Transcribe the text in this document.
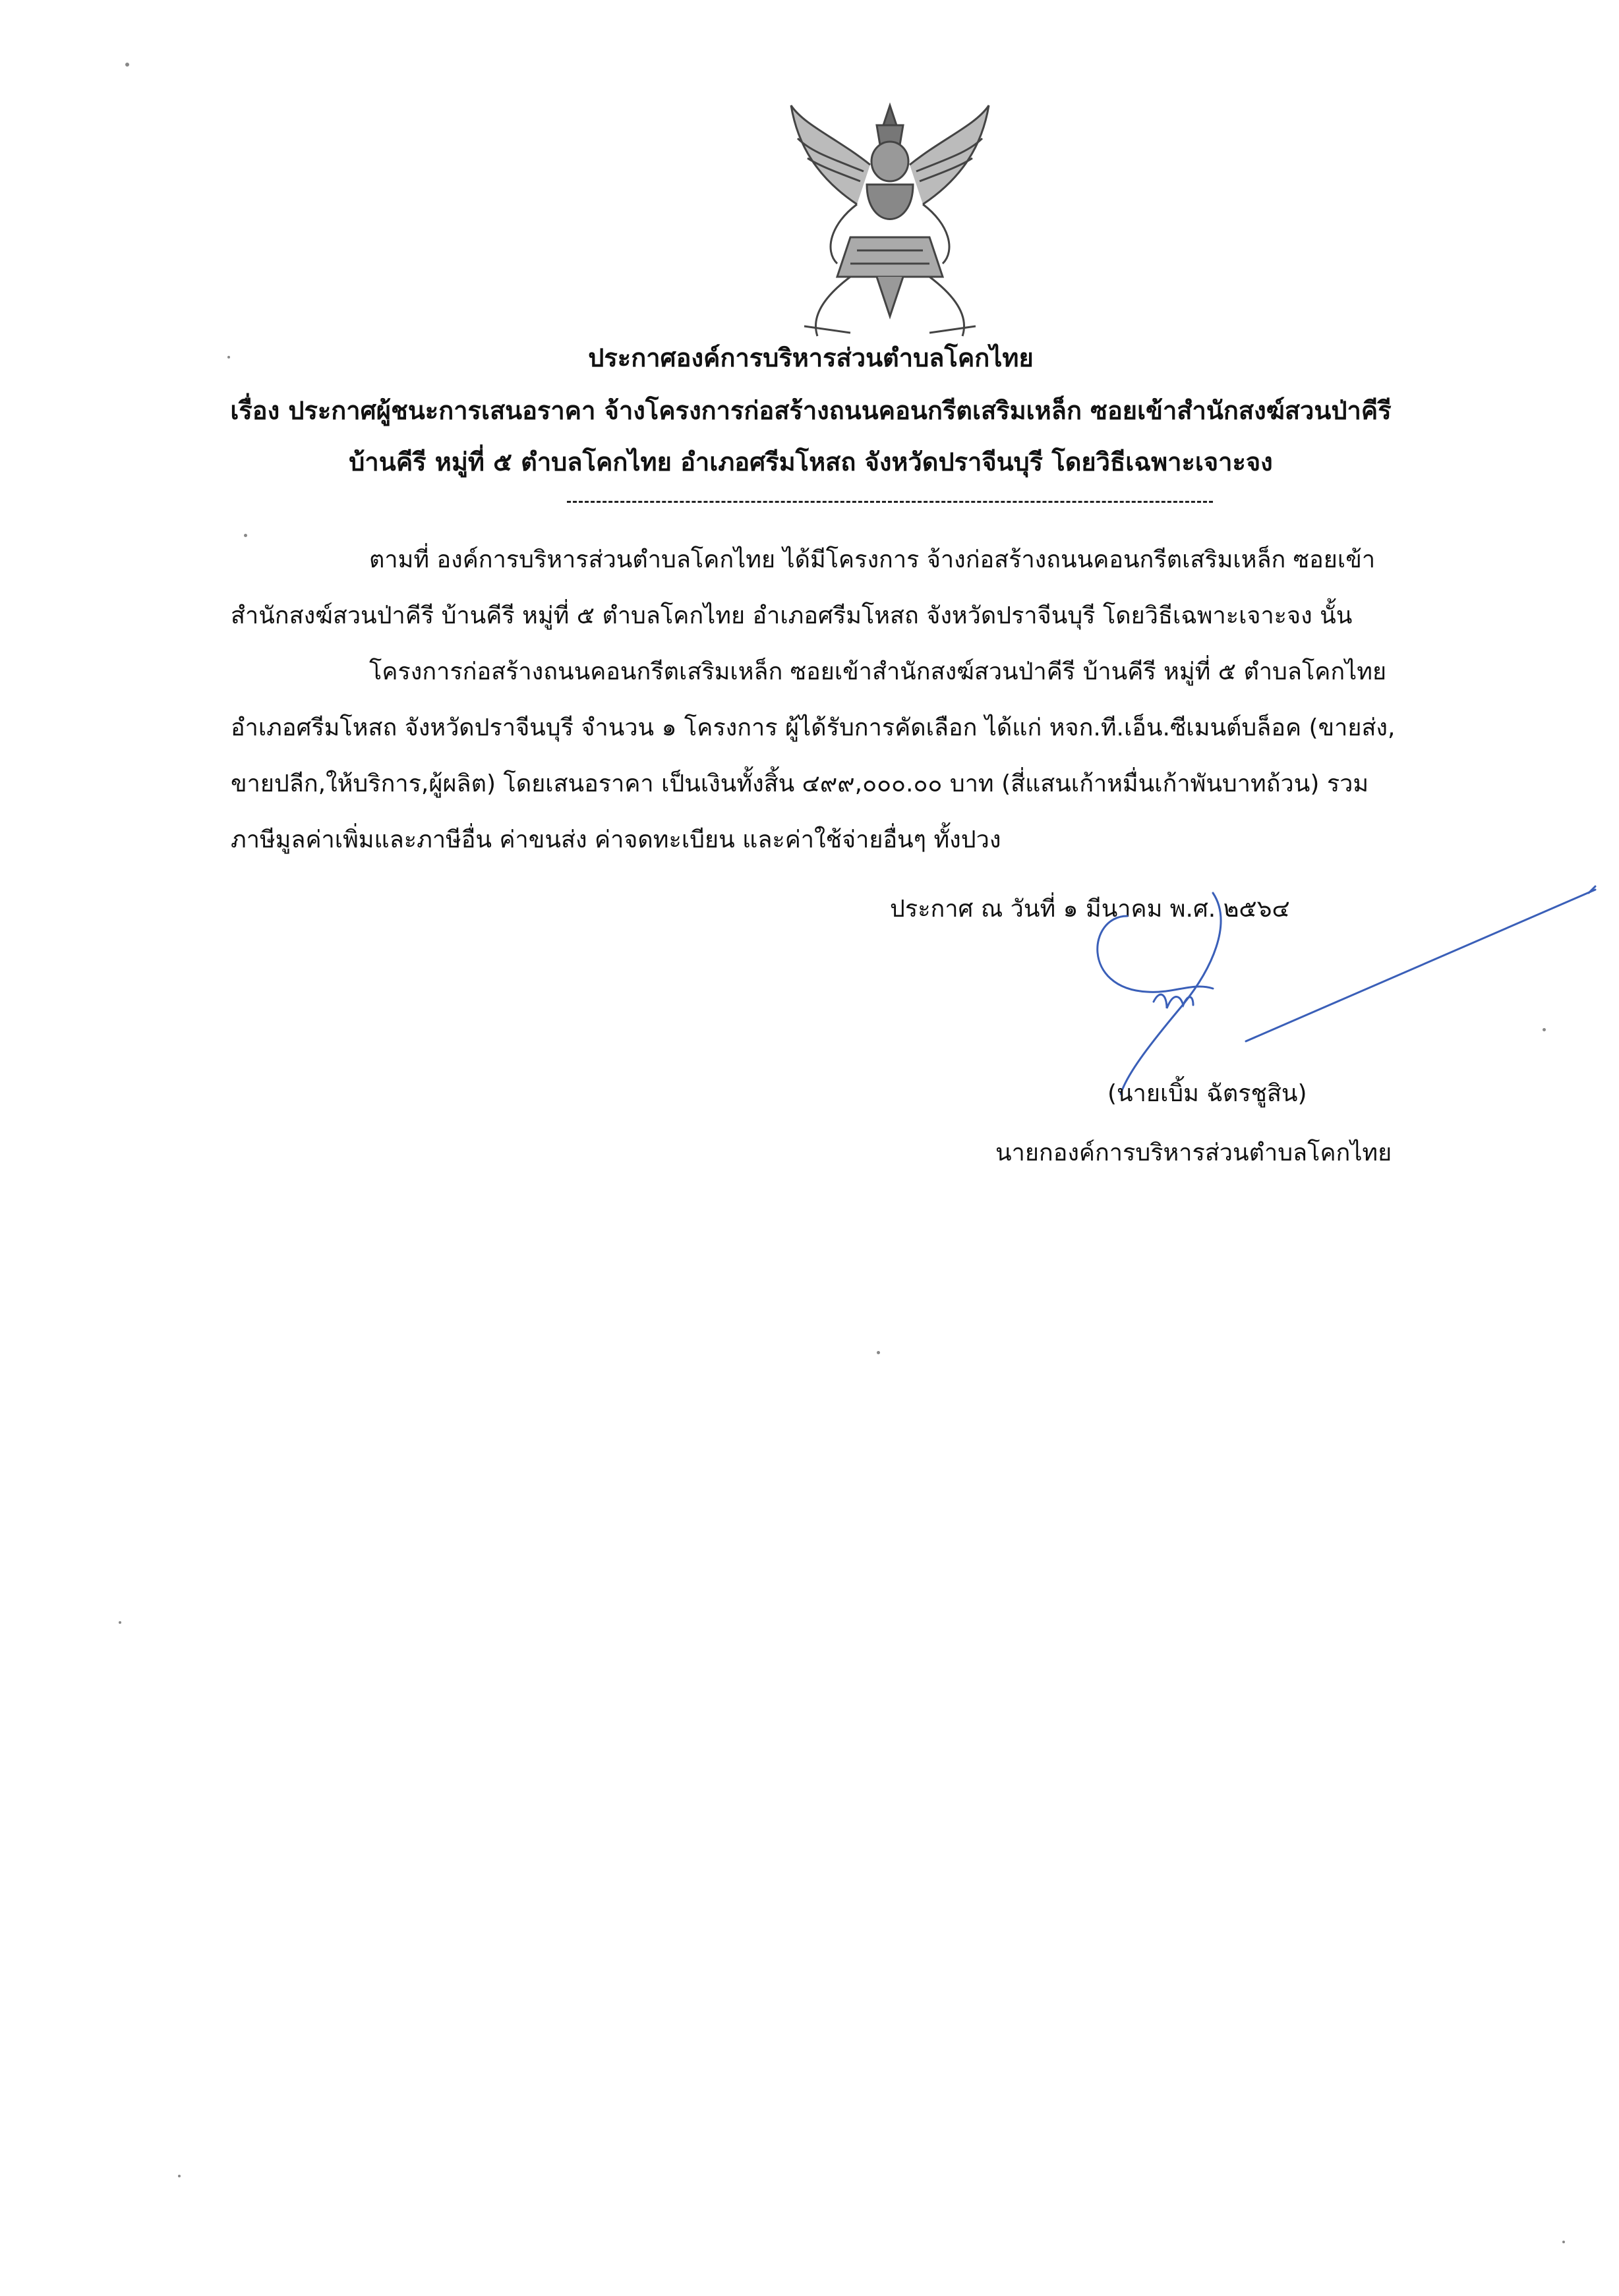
ประกาศองค์การบริหารส่วนตำบลโคกไทย
เรื่อง ประกาศผู้ชนะการเสนอราคา จ้างโครงการก่อสร้างถนนคอนกรีตเสริมเหล็ก ซอยเข้าสำนักสงฆ์สวนป่าคีรี
บ้านคีรี หมู่ที่ ๕ ตำบลโคกไทย อำเภอศรีมโหสถ จังหวัดปราจีนบุรี โดยวิธีเฉพาะเจาะจง
ตามที่ องค์การบริหารส่วนตำบลโคกไทย ได้มีโครงการ จ้างก่อสร้างถนนคอนกรีตเสริมเหล็ก ซอยเข้า
สำนักสงฆ์สวนป่าคีรี บ้านคีรี หมู่ที่ ๕ ตำบลโคกไทย อำเภอศรีมโหสถ จังหวัดปราจีนบุรี โดยวิธีเฉพาะเจาะจง นั้น
โครงการก่อสร้างถนนคอนกรีตเสริมเหล็ก ซอยเข้าสำนักสงฆ์สวนป่าคีรี บ้านคีรี หมู่ที่ ๕ ตำบลโคกไทย
อำเภอศรีมโหสถ จังหวัดปราจีนบุรี จำนวน ๑ โครงการ ผู้ได้รับการคัดเลือก ได้แก่ หจก.ที.เอ็น.ซีเมนต์บล็อค (ขายส่ง,
ขายปลีก,ให้บริการ,ผู้ผลิต) โดยเสนอราคา เป็นเงินทั้งสิ้น ๔๙๙,๐๐๐.๐๐ บาท (สี่แสนเก้าหมื่นเก้าพันบาทถ้วน) รวม
ภาษีมูลค่าเพิ่มและภาษีอื่น ค่าขนส่ง ค่าจดทะเบียน และค่าใช้จ่ายอื่นๆ ทั้งปวง
ประกาศ ณ วันที่ ๑ มีนาคม พ.ศ. ๒๕๖๔
(นายเบิ้ม ฉัตรชูสิน)
นายกองค์การบริหารส่วนตำบลโคกไทย
